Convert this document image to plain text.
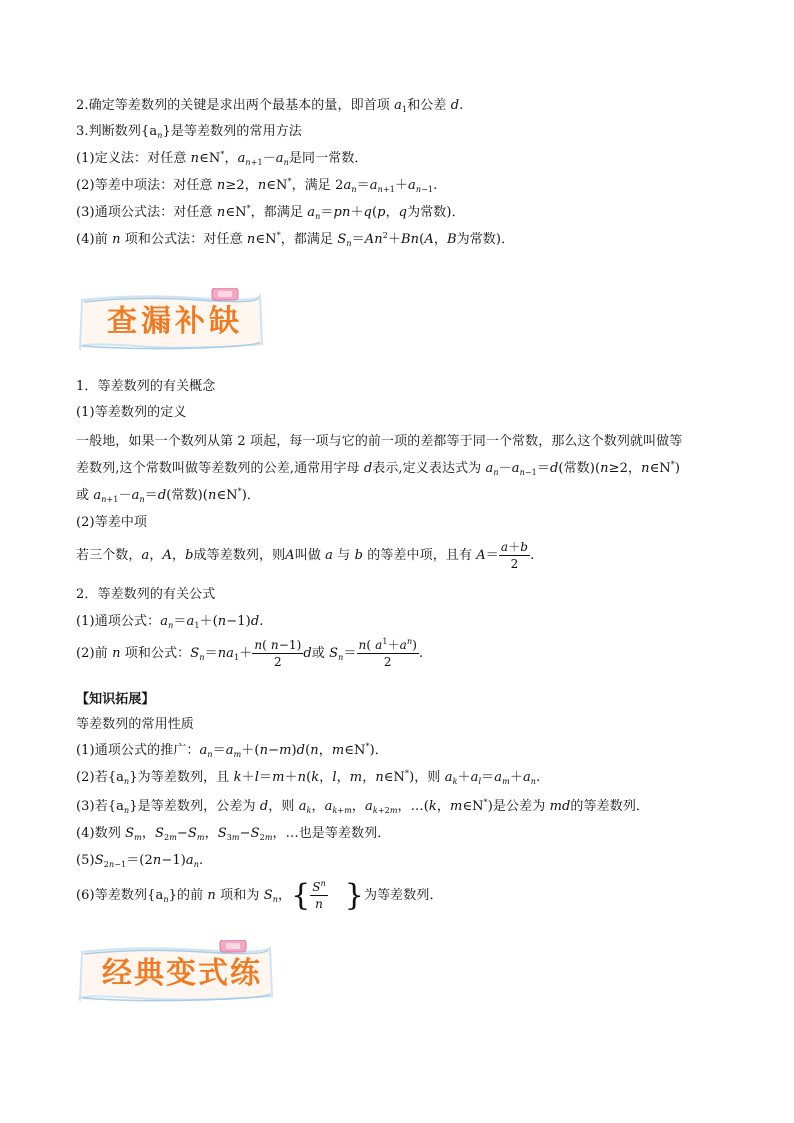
2.确定等差数列的关键是求出两个最基本的量，即首项 $a_1$和公差 d.
3.判断数列$\{a_n\}$是等差数列的常用方法
(1)定义法：对任意 n∈N*，$a_{n+1}-a_n$是同一常数．
(2)等差中项法：对任意 n≥2，n∈N*，满足 $2a_n=a_{n+1}+a_{n-1}$.
(3)通项公式法：对任意 n∈N*，都满足 $a_n=pn+q(p$，q为常数)．
(4)前 n 项和公式法：对任意 n∈N*，都满足 $S_n=An^2+Bn(A$，B为常数)．
查漏补缺
1．等差数列的有关概念
(1)等差数列的定义
一般地，如果一个数列从第 2 项起，每一项与它的前一项的差都等于同一个常数，那么这个数列就叫做等
差数列,这个常数叫做等差数列的公差,通常用字母 d表示,定义表达式为 $a_n-a_{n-1}=d$(常数)(n≥2，n∈N*)
或 $a_{n+1}-a_n=d$(常数)(n∈N*)．
(2)等差中项
若三个数，a，A，b成等差数列，则A叫做 a 与 b 的等差中项，且有 $A= \frac{a+b}{2}$ .
2．等差数列的有关公式
(1)通项公式：$a_n=a_1+(n-1)d$.
(2)前 n 项和公式：$S_n=na_1+ \frac{n( n-1)}{2}$ d或 $S_n= \frac{n( a^1+a^n)}{2}$ .
【知识拓展】
等差数列的常用性质
(1)通项公式的推广：$a_n=a_m+(n-m)d(n$，m∈N*)．
(2)若$\{a_n\}$为等差数列，且 k＋l＝m＋n(k，l，m，n∈N*)，则 $a_k+a_l=a_m+a_n$.
(3)若$\{a_n\}$是等差数列，公差为 d，则 $a_k$，$a_{k+m}$，$a_{k+2m}$，…(k，m∈N*)是公差为 md的等差数列．
(4)数列 $S_m$，$S_{2m}-S_m$，$S_{3m}-S_{2m}$，…也是等差数列．
$(5)S_{2n-1}=(2n-1)a_n$.
(6)等差数列$\{a_n\}$的前 n 项和为 $S_n$，{ $\frac{S^n}{n}$ }为等差数列．
经典变式练
